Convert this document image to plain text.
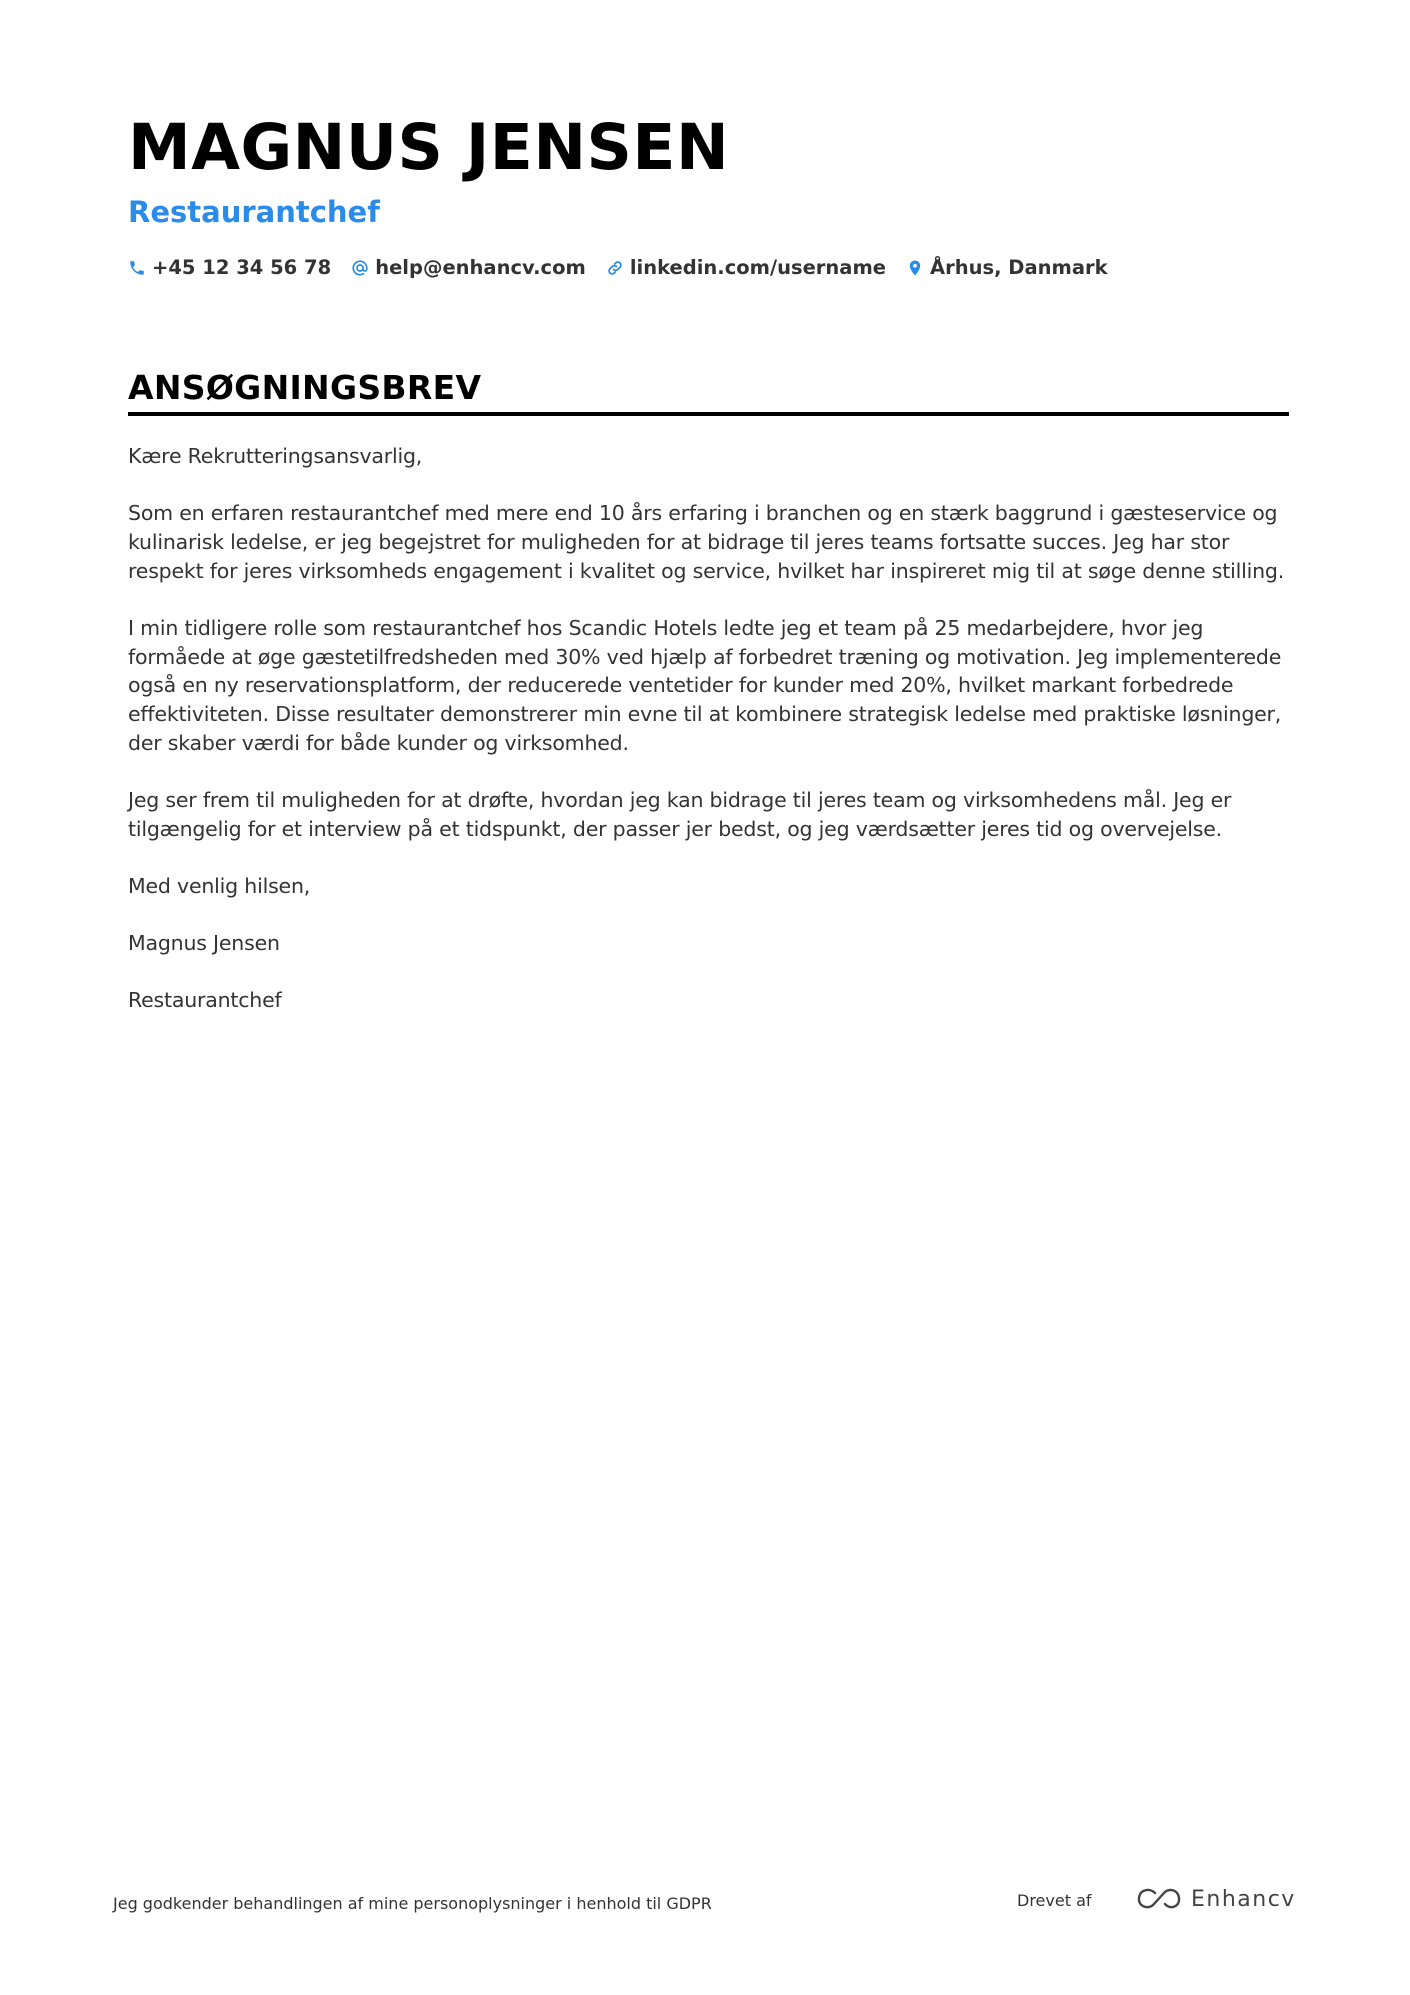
MAGNUS JENSEN
Restaurantchef
+45 12 34 56 78 help@enhancv.com linkedin.com/username Århus, Danmark
ANSØGNINGSBREV

Kære Rekrutteringsansvarlig,

Som en erfaren restaurantchef med mere end 10 års erfaring i branchen og en stærk baggrund i gæsteservice og kulinarisk ledelse, er jeg begejstret for muligheden for at bidrage til jeres teams fortsatte succes. Jeg har stor respekt for jeres virksomheds engagement i kvalitet og service, hvilket har inspireret mig til at søge denne stilling.

I min tidligere rolle som restaurantchef hos Scandic Hotels ledte jeg et team på 25 medarbejdere, hvor jeg formåede at øge gæstetilfredsheden med 30% ved hjælp af forbedret træning og motivation. Jeg implementerede også en ny reservationsplatform, der reducerede ventetider for kunder med 20%, hvilket markant forbedrede effektiviteten. Disse resultater demonstrerer min evne til at kombinere strategisk ledelse med praktiske løsninger, der skaber værdi for både kunder og virksomhed.

Jeg ser frem til muligheden for at drøfte, hvordan jeg kan bidrage til jeres team og virksomhedens mål. Jeg er tilgængelig for et interview på et tidspunkt, der passer jer bedst, og jeg værdsætter jeres tid og overvejelse.

Med venlig hilsen,

Magnus Jensen

Restaurantchef

Jeg godkender behandlingen af mine personoplysninger i henhold til GDPR	Drevet af	Enhancv
